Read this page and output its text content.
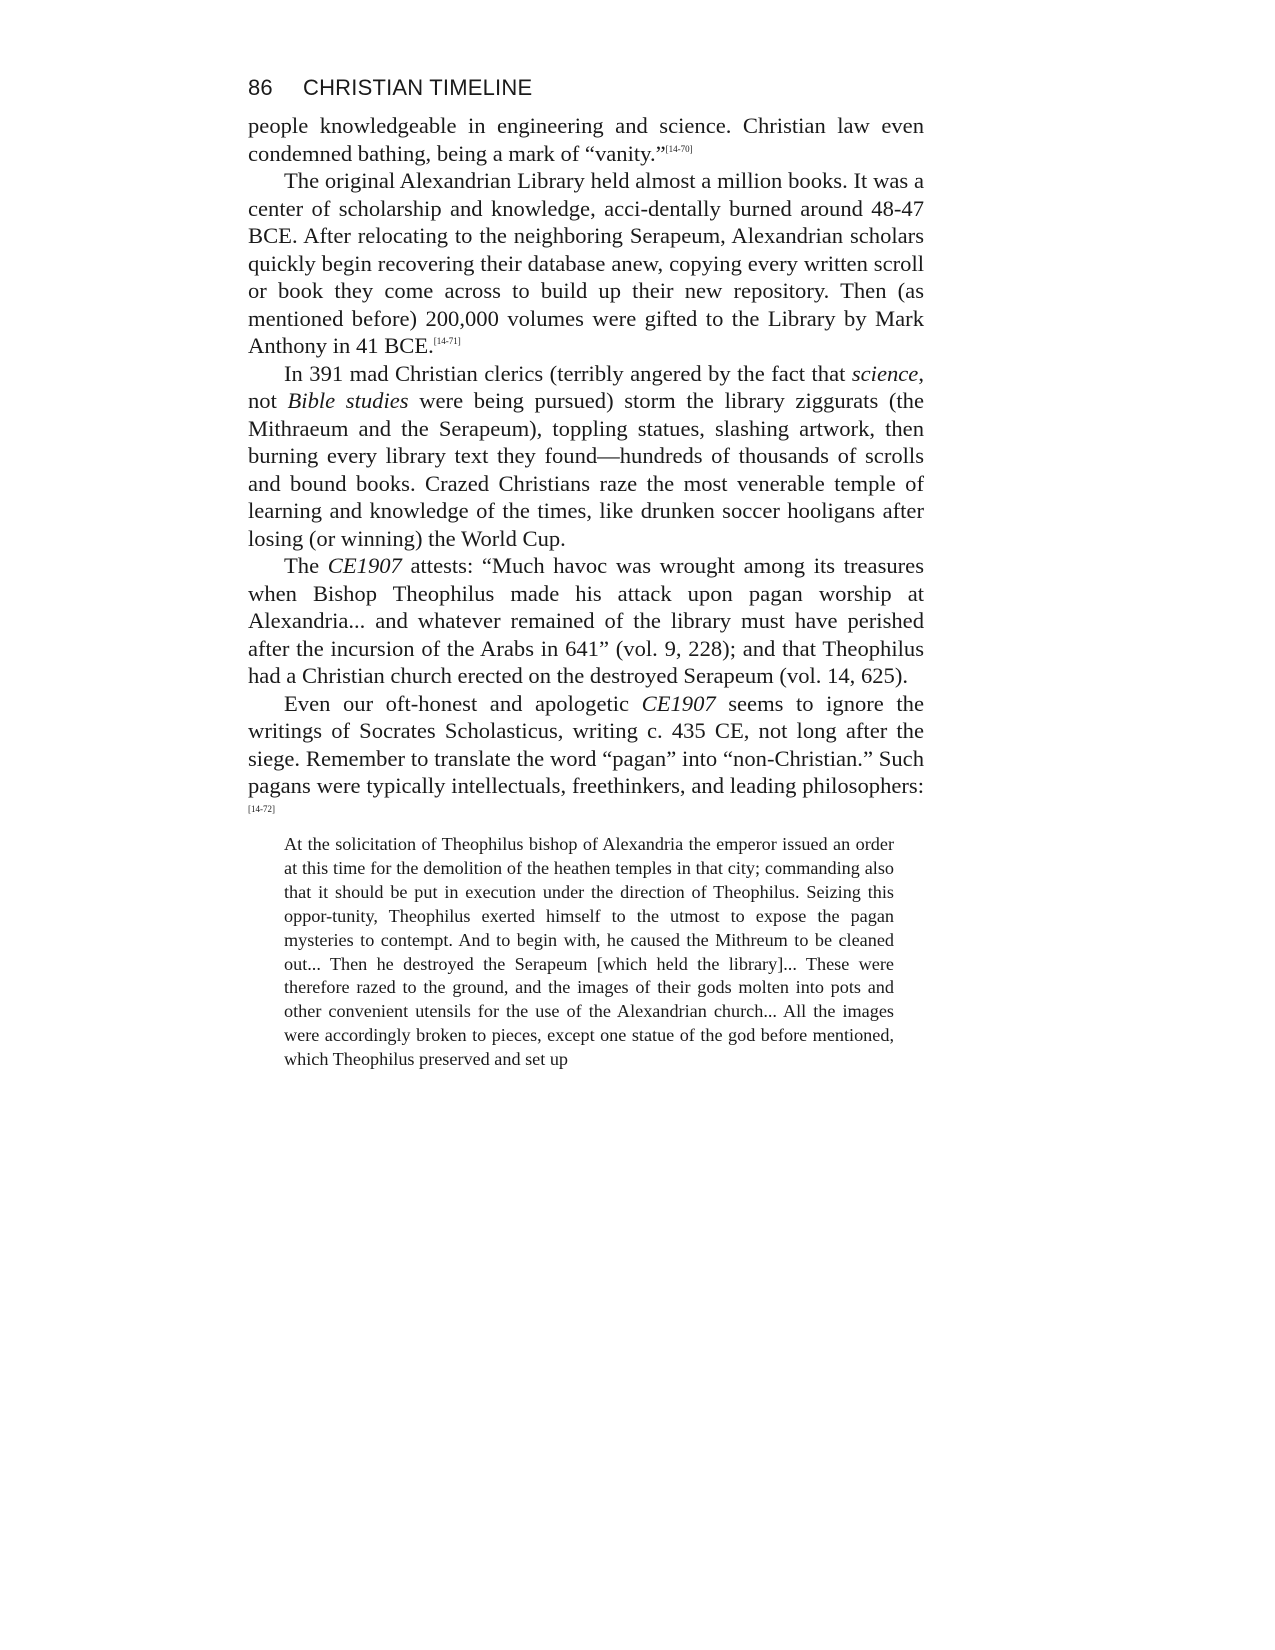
86 CHRISTIAN TIMELINE

people knowledgeable in engineering and science. Christian law even condemned bathing, being a mark of “vanity.”[14-70]

The original Alexandrian Library held almost a million books. It was a center of scholarship and knowledge, acci-dentally burned around 48-47 BCE. After relocating to the neighboring Serapeum, Alexandrian scholars quickly begin recovering their database anew, copying every written scroll or book they come across to build up their new repository. Then (as mentioned before) 200,000 volumes were gifted to the Library by Mark Anthony in 41 BCE.[14-71]

In 391 mad Christian clerics (terribly angered by the fact that science, not Bible studies were being pursued) storm the library ziggurats (the Mithraeum and the Serapeum), toppling statues, slashing artwork, then burning every library text they found—hundreds of thousands of scrolls and bound books. Crazed Christians raze the most venerable temple of learning and knowledge of the times, like drunken soccer hooligans after losing (or winning) the World Cup.

The CE1907 attests: “Much havoc was wrought among its treasures when Bishop Theophilus made his attack upon pagan worship at Alexandria... and whatever remained of the library must have perished after the incursion of the Arabs in 641” (vol. 9, 228); and that Theophilus had a Christian church erected on the destroyed Serapeum (vol. 14, 625).

Even our oft-honest and apologetic CE1907 seems to ignore the writings of Socrates Scholasticus, writing c. 435 CE, not long after the siege. Remember to translate the word “pagan” into “non-Christian.” Such pagans were typically intellectuals, freethinkers, and leading philosophers:[14-72]

At the solicitation of Theophilus bishop of Alexandria the emperor issued an order at this time for the demolition of the heathen temples in that city; commanding also that it should be put in execution under the direction of Theophilus. Seizing this oppor-tunity, Theophilus exerted himself to the utmost to expose the pagan mysteries to contempt. And to begin with, he caused the Mithreum to be cleaned out... Then he destroyed the Serapeum [which held the library]... These were therefore razed to the ground, and the images of their gods molten into pots and other convenient utensils for the use of the Alexandrian church... All the images were accordingly broken to pieces, except one statue of the god before mentioned, which Theophilus preserved and set up
